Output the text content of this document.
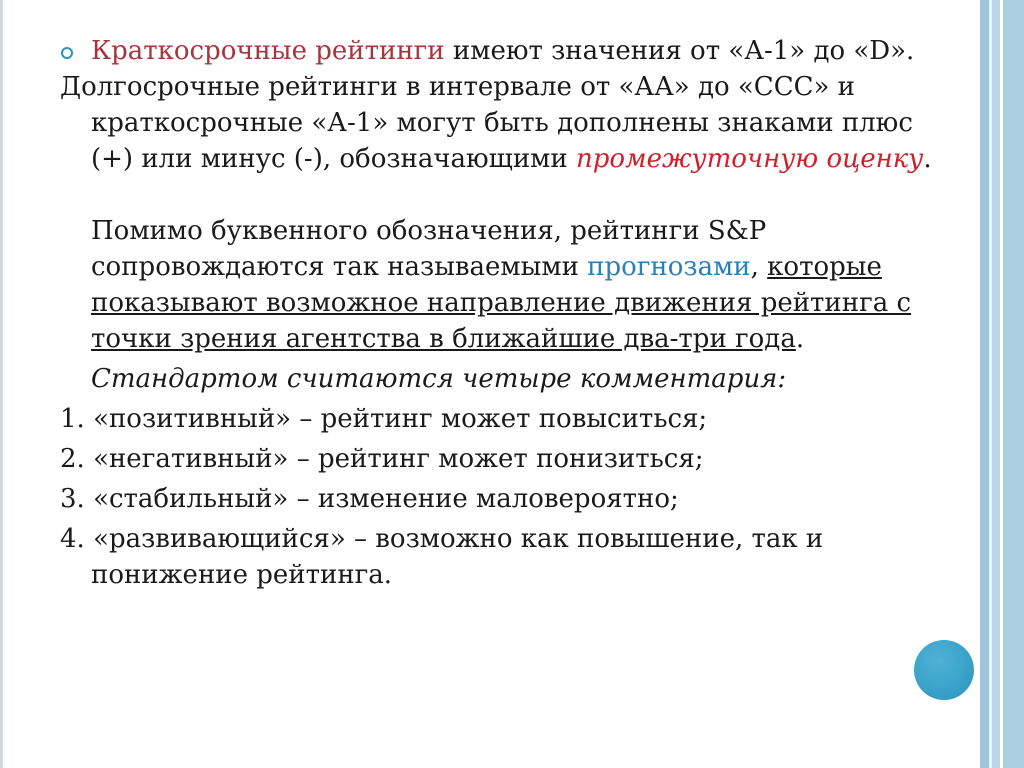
Краткосрочные рейтинги имеют значения от «А-1» до «D».

Долгосрочные рейтинги в интервале от «АА» до «ССС» и краткосрочные «А-1» могут быть дополнены знаками плюс (+) или минус (-), обозначающими промежуточную оценку.

Помимо буквенного обозначения, рейтинги S&P сопровождаются так называемыми прогнозами, которые показывают возможное направление движения рейтинга с точки зрения агентства в ближайшие два-три года.

Стандартом считаются четыре комментария:

1. «позитивный» – рейтинг может повыситься;

2. «негативный» – рейтинг может понизиться;

3. «стабильный» – изменение маловероятно;

4. «развивающийся» – возможно как повышение, так и понижение рейтинга.
